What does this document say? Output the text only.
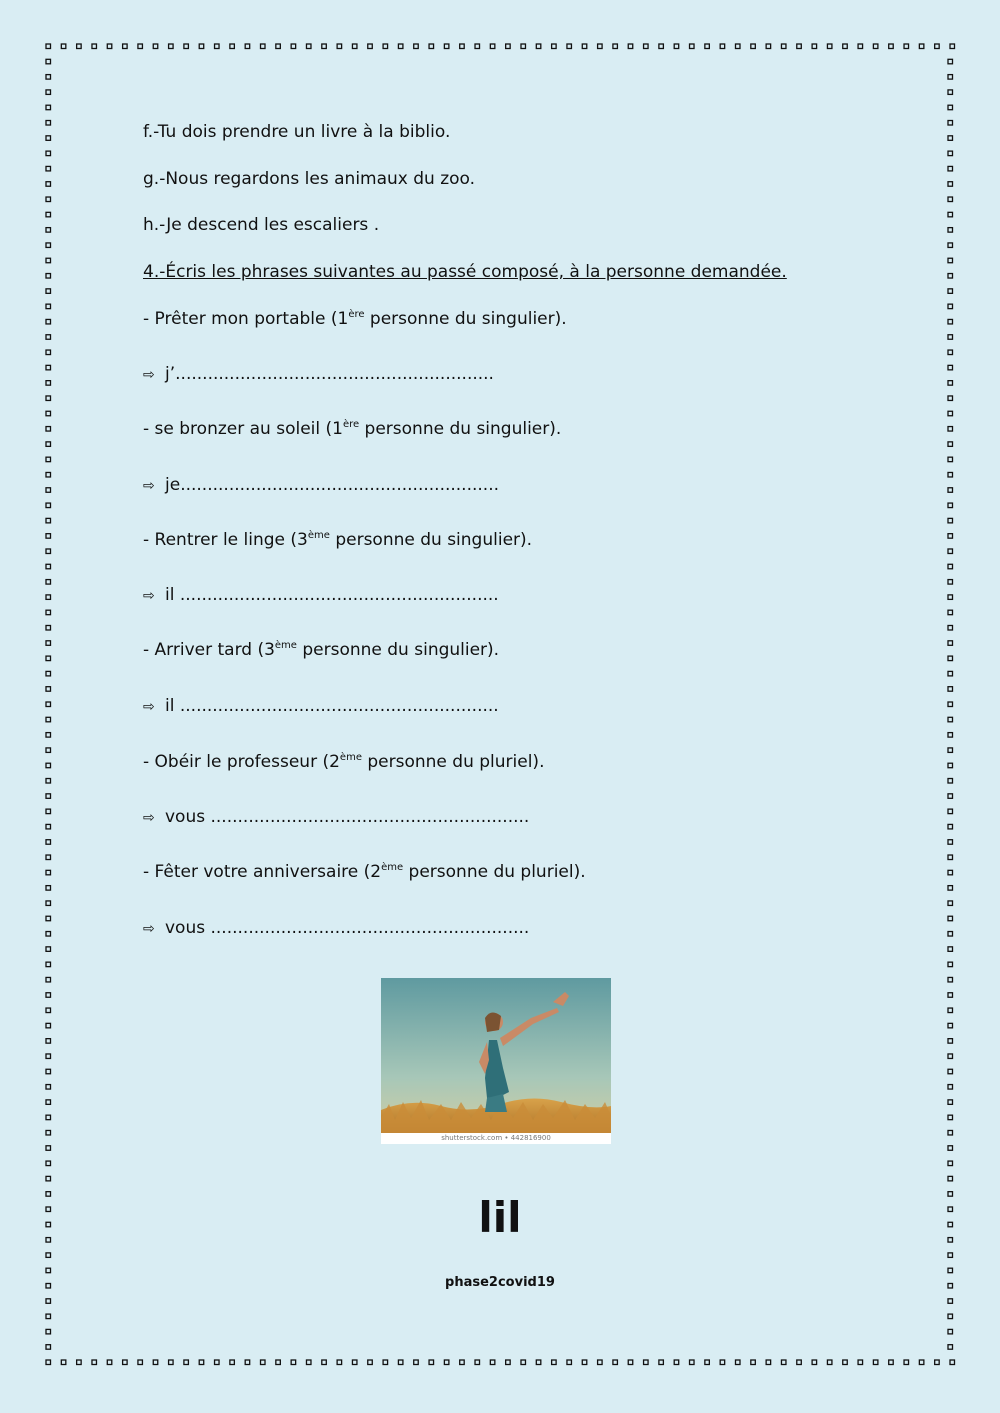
f.-Tu dois prendre un livre à la biblio.
g.-Nous regardons les animaux du zoo.
h.-Je descend les escaliers .
4.-Écris les phrases suivantes au passé composé, à la personne demandée.
- Prêter mon portable (1ère personne du singulier).
⇨ j’...........................................................
- se bronzer au soleil (1ère personne du singulier).
⇨ je...........................................................
- Rentrer le linge (3ème personne du singulier).
⇨ il ...........................................................
- Arriver tard (3ème personne du singulier).
⇨ il ...........................................................
- Obéir le professeur (2ème personne du pluriel).
⇨ vous ...........................................................
- Fêter votre anniversaire (2ème personne du pluriel).
⇨ vous ...........................................................
shutterstock.com • 442816900
lil
phase2covid19
